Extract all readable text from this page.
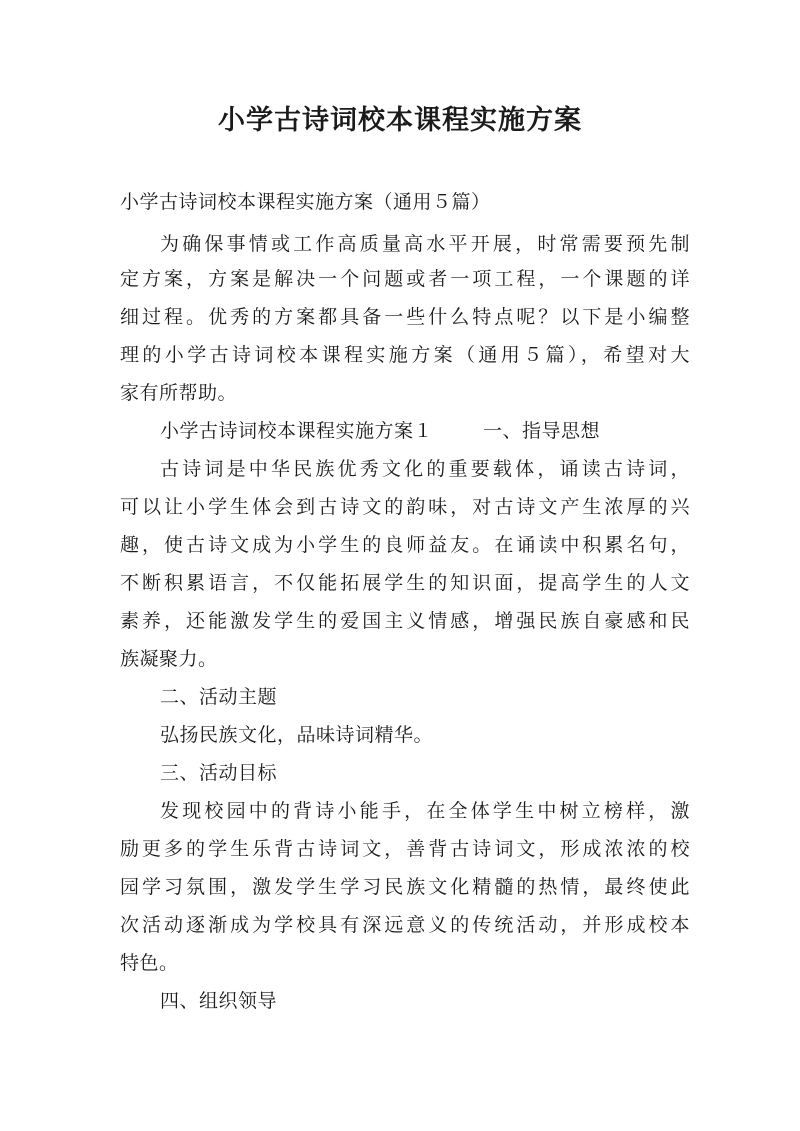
小学古诗词校本课程实施方案
小学古诗词校本课程实施方案（通用５篇）
为确保事情或工作高质量高水平开展，时常需要预先制
定方案，方案是解决一个问题或者一项工程，一个课题的详
细过程。优秀的方案都具备一些什么特点呢？以下是小编整
理的小学古诗词校本课程实施方案（通用５篇），希望对大
家有所帮助。
小学古诗词校本课程实施方案１	一、指导思想
古诗词是中华民族优秀文化的重要载体，诵读古诗词，
可以让小学生体会到古诗文的韵味，对古诗文产生浓厚的兴
趣，使古诗文成为小学生的良师益友。在诵读中积累名句，
不断积累语言，不仅能拓展学生的知识面，提高学生的人文
素养，还能激发学生的爱国主义情感，增强民族自豪感和民
族凝聚力。
二、活动主题
弘扬民族文化，品味诗词精华。
三、活动目标
发现校园中的背诗小能手，在全体学生中树立榜样，激
励更多的学生乐背古诗词文，善背古诗词文，形成浓浓的校
园学习氛围，激发学生学习民族文化精髓的热情，最终使此
次活动逐渐成为学校具有深远意义的传统活动，并形成校本
特色。
四、组织领导
